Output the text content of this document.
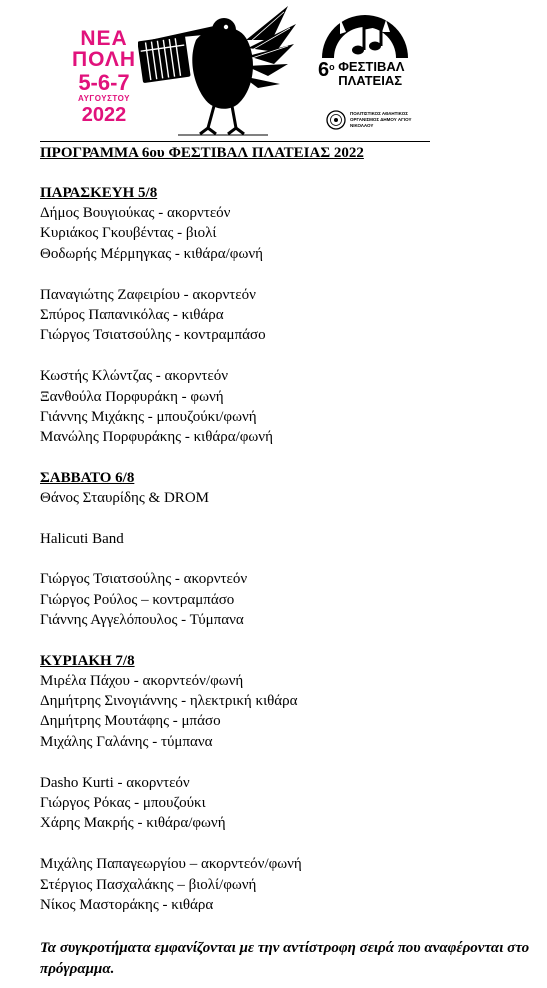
ΝΕΑ
ΠΟΛΗ
5-6-7
ΑΥΓΟΥΣΤΟΥ
2022
$6^o$ ΦΕΣΤΙΒΑΛ
ΠΛΑΤΕΙΑΣ
ΠΟΛΙΤΙΣΤΙΚΟΣ ΑΘΛΗΤΙΚΟΣ ΟΡΓΑΝΙΣΜΟΣ ΔΗΜΟΥ ΑΓΙΟΥ ΝΙΚΟΛΑΟΥ
ΠΡΟΓΡΑΜΜΑ 6ου ΦΕΣΤΙΒΑΛ ΠΛΑΤΕΙΑΣ 2022
ΠΑΡΑΣΚΕΥΗ 5/8
Δήμος Βουγιούκας - ακορντεόν
Κυριάκος Γκουβέντας - βιολί
Θοδωρής Μέρμηγκας - κιθάρα/φωνή
Παναγιώτης Ζαφειρίου - ακορντεόν
Σπύρος Παπανικόλας - κιθάρα
Γιώργος Τσιατσούλης - κοντραμπάσο
Κωστής Κλώντζας - ακορντεόν
Ξανθούλα Πορφυράκη - φωνή
Γιάννης Μιχάκης - μπουζούκι/φωνή
Μανώλης Πορφυράκης - κιθάρα/φωνή
ΣΑΒΒΑΤΟ 6/8
Θάνος Σταυρίδης & DROM
Halicuti Band
Γιώργος Τσιατσούλης - ακορντεόν
Γιώργος Ρούλος – κοντραμπάσο
Γιάννης Αγγελόπουλος - Τύμπανα
ΚΥΡΙΑΚΗ 7/8
Μιρέλα Πάχου - ακορντεόν/φωνή
Δημήτρης Σινογιάννης - ηλεκτρική κιθάρα
Δημήτρης Μουτάφης - μπάσο
Μιχάλης Γαλάνης - τύμπανα
Dasho Kurti - ακορντεόν
Γιώργος Ρόκας - μπουζούκι
Χάρης Μακρής - κιθάρα/φωνή
Μιχάλης Παπαγεωργίου – ακορντεόν/φωνή
Στέργιος Πασχαλάκης – βιολί/φωνή
Νίκος Μαστοράκης - κιθάρα
Τα συγκροτήματα εμφανίζονται με την αντίστροφη σειρά που αναφέρονται στο πρόγραμμα.
